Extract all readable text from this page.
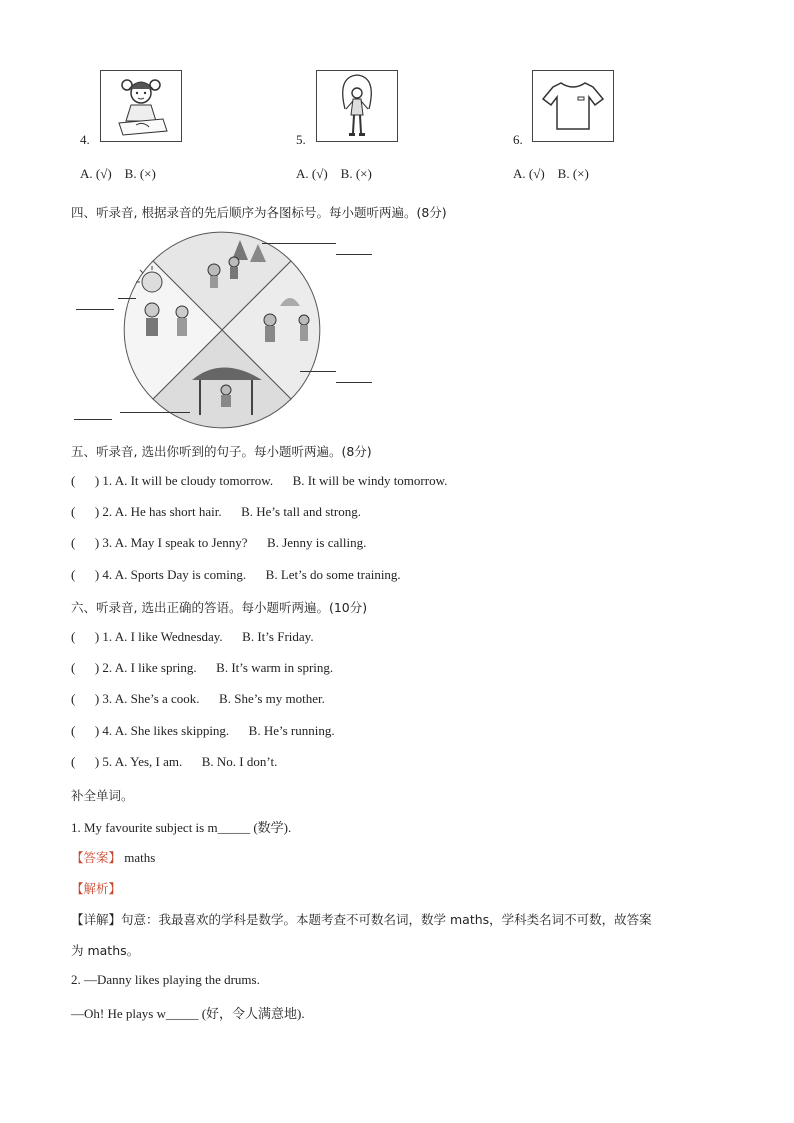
4.	5.	6.
A. (√)    B. (×)	A. (√)    B. (×)	A. (√)    B. (×)
四、听录音, 根据录音的先后顺序为各图标号。每小题听两遍。(8分)
五、听录音, 选出你听到的句子。每小题听两遍。(8分)
(      ) 1. A. It will be cloudy tomorrow.      B. It will be windy tomorrow.
(      ) 2. A. He has short hair.      B. He’s tall and strong.
(      ) 3. A. May I speak to Jenny?      B. Jenny is calling.
(      ) 4. A. Sports Day is coming.      B. Let’s do some training.
六、听录音, 选出正确的答语。每小题听两遍。(10分)
(      ) 1. A. I like Wednesday.      B. It’s Friday.
(      ) 2. A. I like spring.      B. It’s warm in spring.
(      ) 3. A. She’s a cook.      B. She’s my mother.
(      ) 4. A. She likes skipping.      B. He’s running.
(      ) 5. A. Yes, I am.      B. No. I don’t.
补全单词。
1. My favourite subject is m_____ (数学).
【答案】 maths
【解析】
【详解】句意：我最喜欢的学科是数学。本题考查不可数名词，数学 maths，学科类名词不可数，故答案
为 maths。
2. —Danny likes playing the drums.
—Oh! He plays w_____ (好，令人满意地).
